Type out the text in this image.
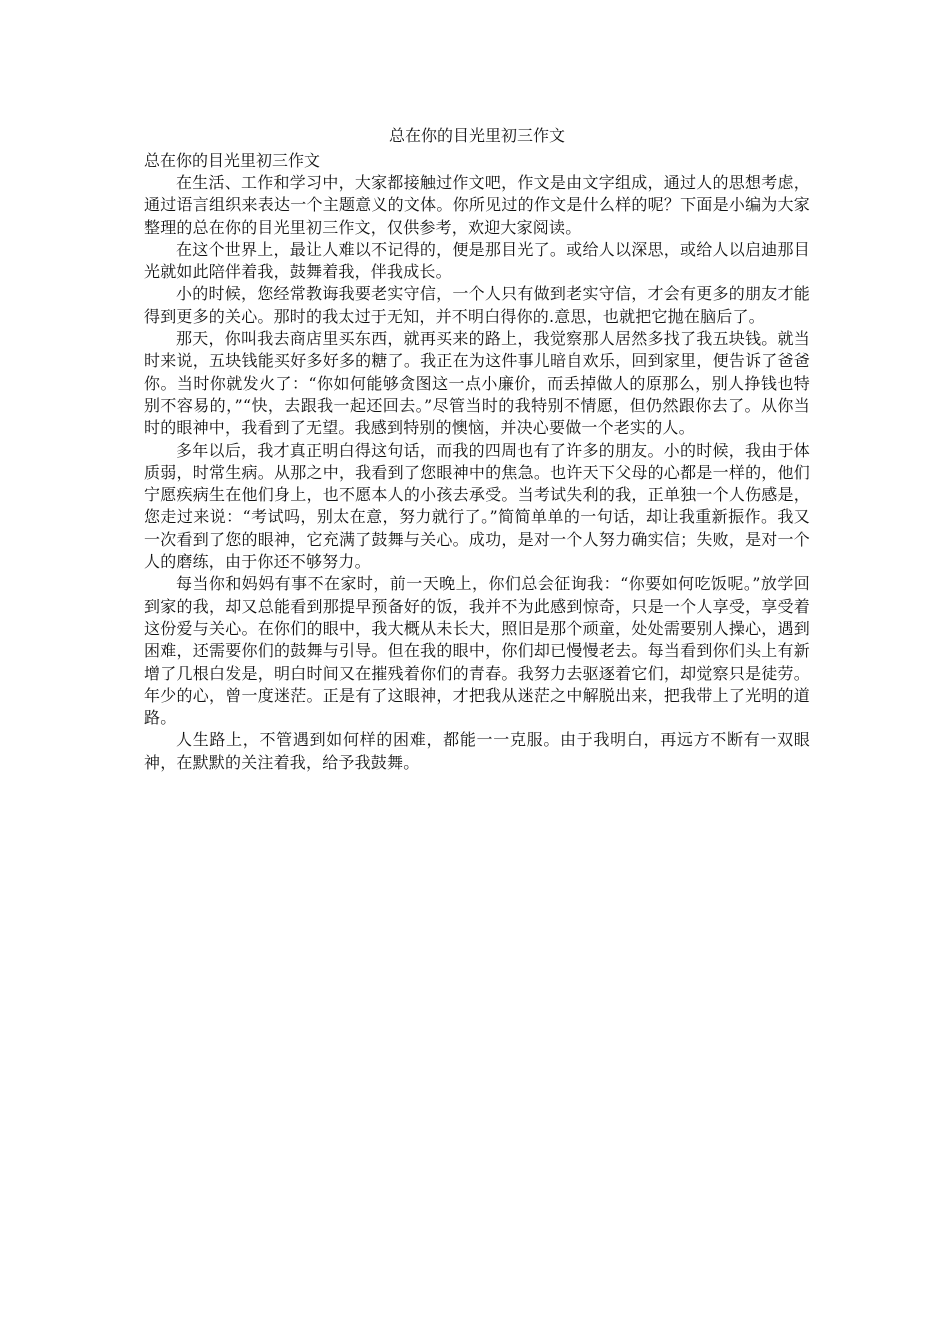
总在你的目光里初三作文
总在你的目光里初三作文

在生活、工作和学习中，大家都接触过作文吧，作文是由文字组成，通过人的思想考虑，通过语言组织来表达一个主题意义的文体。你所见过的作文是什么样的呢？下面是小编为大家整理的总在你的目光里初三作文，仅供参考，欢迎大家阅读。

在这个世界上，最让人难以不记得的，便是那目光了。或给人以深思，或给人以启迪那目光就如此陪伴着我，鼓舞着我，伴我成长。

小的时候，您经常教诲我要老实守信，一个人只有做到老实守信，才会有更多的朋友才能得到更多的关心。那时的我太过于无知，并不明白得你的.意思，也就把它抛在脑后了。

那天，你叫我去商店里买东西，就再买来的路上，我觉察那人居然多找了我五块钱。就当时来说，五块钱能买好多好多的糖了。我正在为这件事儿暗自欢乐，回到家里，便告诉了爸爸你。当时你就发火了：“你如何能够贪图这一点小廉价，而丢掉做人的原那么，别人挣钱也特别不容易的，”“快，去跟我一起还回去。”尽管当时的我特别不情愿，但仍然跟你去了。从你当时的眼神中，我看到了无望。我感到特别的懊恼，并决心要做一个老实的人。

多年以后，我才真正明白得这句话，而我的四周也有了许多的朋友。小的时候，我由于体质弱，时常生病。从那之中，我看到了您眼神中的焦急。也许天下父母的心都是一样的，他们宁愿疾病生在他们身上，也不愿本人的小孩去承受。当考试失利的我，正单独一个人伤感是，您走过来说：“考试吗，别太在意，努力就行了。”简简单单的一句话，却让我重新振作。我又一次看到了您的眼神，它充满了鼓舞与关心。成功，是对一个人努力确实信；失败，是对一个人的磨练，由于你还不够努力。

每当你和妈妈有事不在家时，前一天晚上，你们总会征询我：“你要如何吃饭呢。”放学回到家的我，却又总能看到那提早预备好的饭，我并不为此感到惊奇，只是一个人享受，享受着这份爱与关心。在你们的眼中，我大概从未长大，照旧是那个顽童，处处需要别人操心，遇到困难，还需要你们的鼓舞与引导。但在我的眼中，你们却已慢慢老去。每当看到你们头上有新增了几根白发是，明白时间又在摧残着你们的青春。我努力去驱逐着它们，却觉察只是徒劳。年少的心，曾一度迷茫。正是有了这眼神，才把我从迷茫之中解脱出来，把我带上了光明的道路。

人生路上，不管遇到如何样的困难，都能一一克服。由于我明白，再远方不断有一双眼神，在默默的关注着我，给予我鼓舞。
